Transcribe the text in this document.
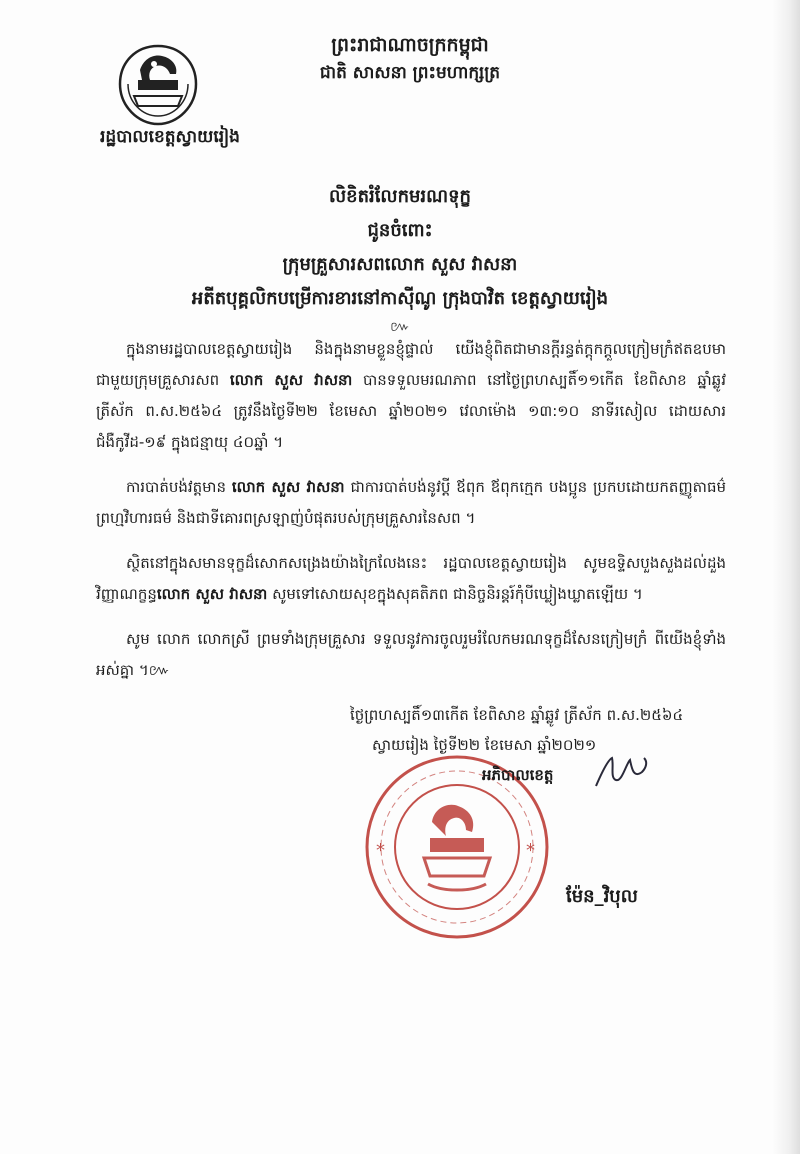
រដ្ឋបាលខេត្តស្វាយរៀង
ព្រះរាជាណាចក្រកម្ពុជា
ជាតិ សាសនា ព្រះមហាក្សត្រ
លិខិតរំលែកមរណទុក្ខ
ជូនចំពោះ
ក្រុមគ្រួសារសពលោក សួស វាសនា
អតីតបុគ្គលិកបម្រើការខារនៅកាស៊ីណូ ក្រុងបាវិត ខេត្តស្វាយរៀង
៚

ក្នុងនាមរដ្ឋបាលខេត្តស្វាយរៀង និងក្នុងនាមខ្លួនខ្ញុំផ្ទាល់ យើងខ្ញុំពិតជាមានក្តីរន្ធត់ក្តុកក្តួលក្រៀមក្រំឥតឧបមា ជាមួយក្រុមគ្រួសារសព លោក សួស វាសនា បានទទួលមរណភាព នៅថ្ងៃព្រហស្បតិ៍១១កើត ខែពិសាខ ឆ្នាំឆ្លូវ ត្រីស័ក ព.ស.២៥៦៤ ត្រូវនឹងថ្ងៃទី២២ ខែមេសា ឆ្នាំ២០២១ វេលាម៉ោង ១៣:១០ នាទីរសៀល ដោយសារជំងឺកូវីដ-១៩ ក្នុងជន្មាយុ ៤០ឆ្នាំ ។

ការបាត់បង់វត្តមាន លោក សួស វាសនា ជាការបាត់បង់នូវប្តី ឪពុក ឪពុកក្មេក បងប្អូន ប្រកបដោយកតញ្ញូតាធម៌ ព្រហ្មវិហារធម៌ និងជាទីគោរពស្រឡាញ់បំផុតរបស់ក្រុមគ្រួសារនៃសព ។

ស្ថិតនៅក្នុងសមានទុក្ខដ៏សោកសង្រេងយ៉ាងក្រៃលែងនេះ រដ្ឋបាលខេត្តស្វាយរៀង សូមឧទ្ទិសបួងសួងដល់ដួងវិញ្ញាណក្ខន្ធលោក សួស វាសនា សូមទៅសោយសុខក្នុងសុគតិភព ជានិច្ចនិរន្តរ៍កុំបីឃ្លៀងឃ្លាតឡើយ ។

សូម លោក លោកស្រី ព្រមទាំងក្រុមគ្រួសារ ទទួលនូវការចូលរួមរំលែកមរណទុក្ខដ៏សែនក្រៀមក្រំ ពីយើងខ្ញុំទាំងអស់គ្នា ។៚

ថ្ងៃព្រហស្បតិ៍១៣កើត ខែពិសាខ ឆ្នាំឆ្លូវ ត្រីស័ក ព.ស.២៥៦៤
ស្វាយរៀង ថ្ងៃទី២២ ខែមេសា ឆ្នាំ២០២១
*	*
អភិបាលខេត្ត
ម៉ែន_វិបុល
